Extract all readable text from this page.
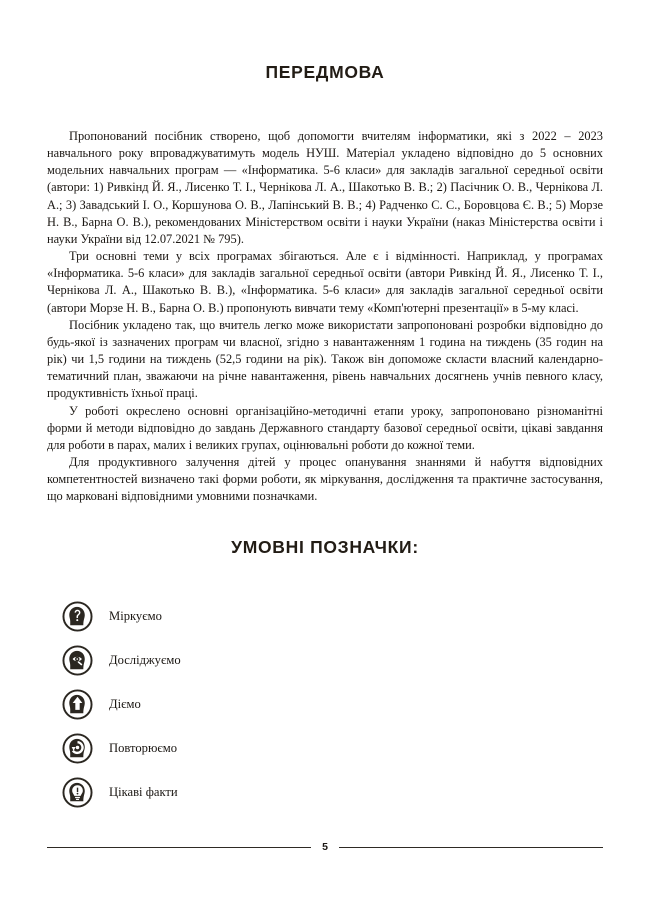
ПЕРЕДМОВА

Пропонований посібник створено, щоб допомогти вчителям інформатики, які з 2022 – 2023 навчального року впроваджуватимуть модель НУШ. Матеріал укладено відповідно до 5 основних модельних навчальних програм — «Інформатика. 5-6 класи» для закладів загальної середньої освіти (автори: 1) Ривкінд Й. Я., Лисенко Т. І., Чернікова Л. А., Шакотько В. В.; 2) Пасічник О. В., Чернікова Л. А.; 3) Завадський І. О., Коршунова О. В., Лапінський В. В.; 4) Радченко С. С., Боровцова Є. В.; 5) Морзе Н. В., Барна О. В.), рекомендованих Міністерством освіти і науки України (наказ Міністерства освіти і науки України від 12.07.2021 № 795).

Три основні теми у всіх програмах збігаються. Але є і відмінності. Наприклад, у програмах «Інформатика. 5-6 класи» для закладів загальної середньої освіти (автори Ривкінд Й. Я., Лисенко Т. І., Чернікова Л. А., Шакотько В. В.), «Інформатика. 5-6 класи» для закладів загальної середньої освіти (автори Морзе Н. В., Барна О. В.) пропонують вивчати тему «Комп'ютерні презентації» в 5-му класі.

Посібник укладено так, що вчитель легко може використати запропоновані розробки відповідно до будь-якої із зазначених програм чи власної, згідно з навантаженням 1 година на тиждень (35 годин на рік) чи 1,5 години на тиждень (52,5 години на рік). Також він допоможе скласти власний календарно-тематичний план, зважаючи на річне навантаження, рівень навчальних досягнень учнів певного класу, продуктивність їхньої праці.

У роботі окреслено основні організаційно-методичні етапи уроку, запропоновано різноманітні форми й методи відповідно до завдань Державного стандарту базової середньої освіти, цікаві завдання для роботи в парах, малих і великих групах, оцінювальні роботи до кожної теми.

Для продуктивного залучення дітей у процес опанування знаннями й набуття відповідних компетентностей визначено такі форми роботи, як міркування, дослідження та практичне застосування, що марковані відповідними умовними позначками.

УМОВНІ ПОЗНАЧКИ:
Міркуємо
Досліджуємо
Діємо
Повторюємо
Цікаві факти
5
